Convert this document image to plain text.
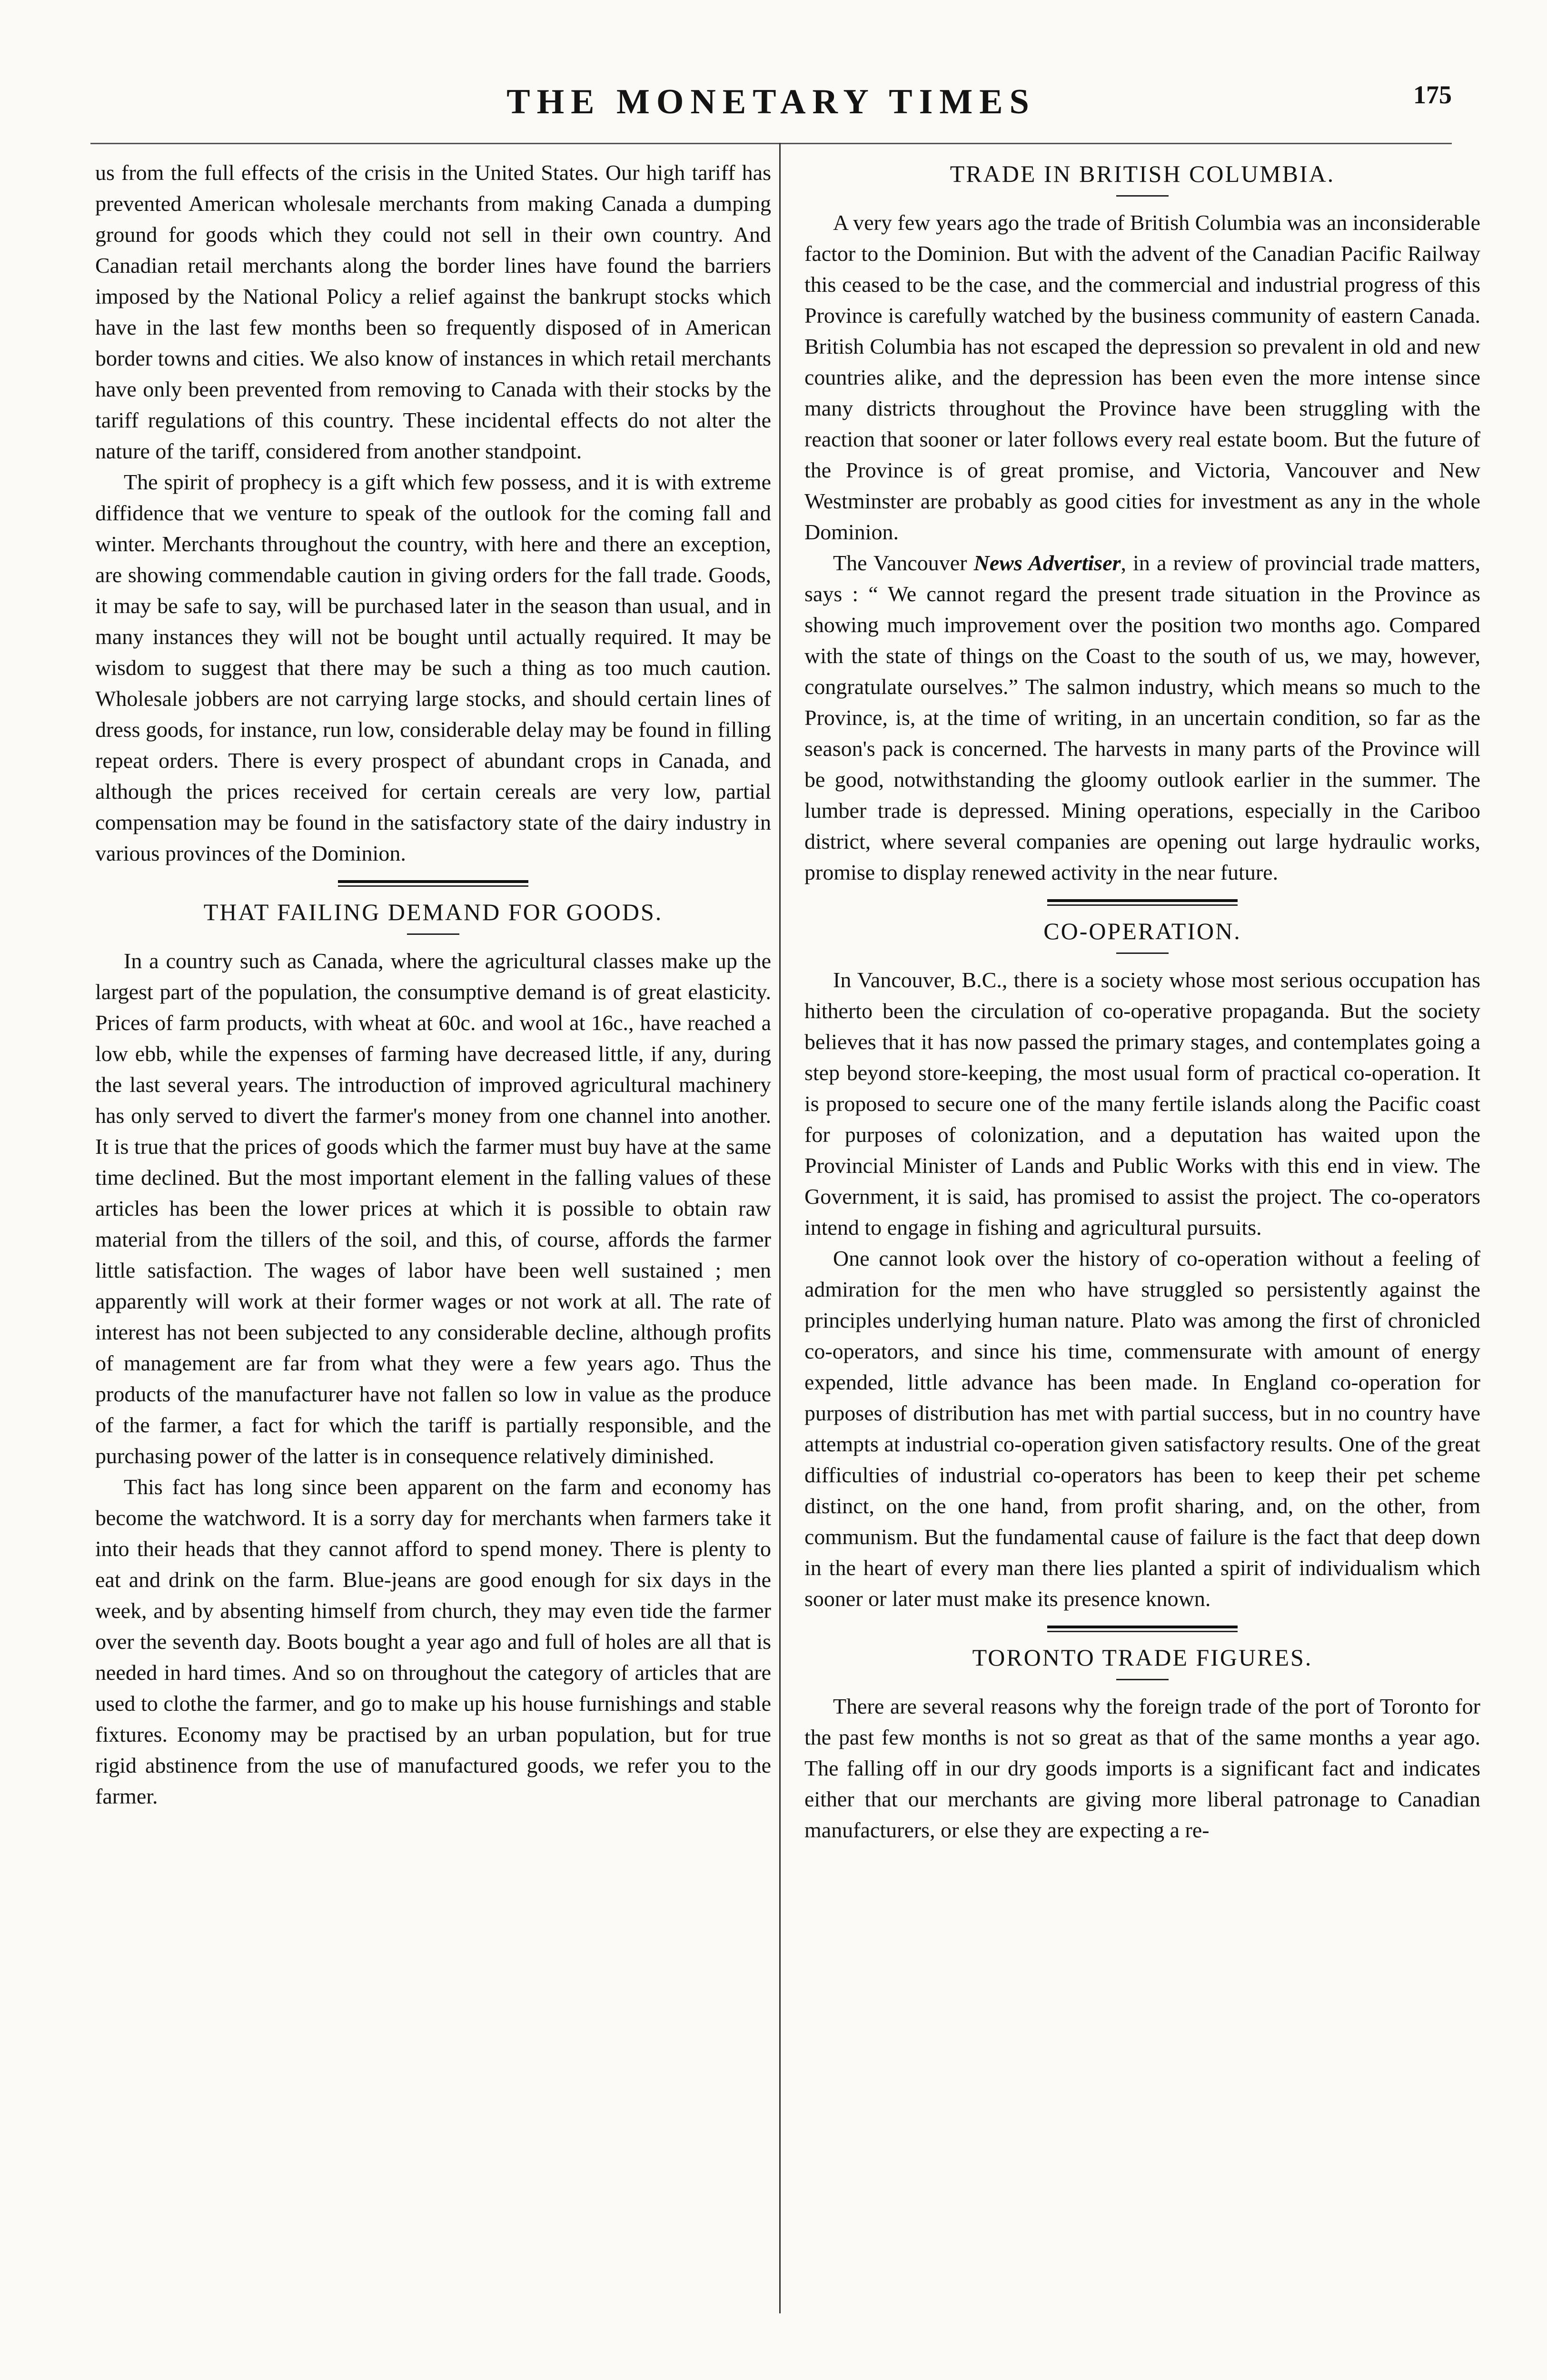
THE MONETARY TIMES	175

us from the full effects of the crisis in the United States. Our high tariff has prevented American wholesale merchants from making Canada a dumping ground for goods which they could not sell in their own country. And Canadian retail merchants along the border lines have found the barriers imposed by the National Policy a relief against the bankrupt stocks which have in the last few months been so frequently disposed of in American border towns and cities. We also know of instances in which retail merchants have only been prevented from removing to Canada with their stocks by the tariff regulations of this country. These incidental effects do not alter the nature of the tariff, considered from another standpoint.

The spirit of prophecy is a gift which few possess, and it is with extreme diffidence that we venture to speak of the outlook for the coming fall and winter. Merchants throughout the country, with here and there an exception, are showing commendable caution in giving orders for the fall trade. Goods, it may be safe to say, will be purchased later in the season than usual, and in many instances they will not be bought until actually required. It may be wisdom to suggest that there may be such a thing as too much caution. Wholesale jobbers are not carrying large stocks, and should certain lines of dress goods, for instance, run low, considerable delay may be found in filling repeat orders. There is every prospect of abundant crops in Canada, and although the prices received for certain cereals are very low, partial compensation may be found in the satisfactory state of the dairy industry in various provinces of the Dominion.

THAT FAILING DEMAND FOR GOODS.

In a country such as Canada, where the agricultural classes make up the largest part of the population, the consumptive demand is of great elasticity. Prices of farm products, with wheat at 60c. and wool at 16c., have reached a low ebb, while the expenses of farming have decreased little, if any, during the last several years. The introduction of improved agricultural machinery has only served to divert the farmer's money from one channel into another. It is true that the prices of goods which the farmer must buy have at the same time declined. But the most important element in the falling values of these articles has been the lower prices at which it is possible to obtain raw material from the tillers of the soil, and this, of course, affords the farmer little satisfaction. The wages of labor have been well sustained ; men apparently will work at their former wages or not work at all. The rate of interest has not been subjected to any considerable decline, although profits of management are far from what they were a few years ago. Thus the products of the manufacturer have not fallen so low in value as the produce of the farmer, a fact for which the tariff is partially responsible, and the purchasing power of the latter is in consequence relatively diminished.

This fact has long since been apparent on the farm and economy has become the watchword. It is a sorry day for merchants when farmers take it into their heads that they cannot afford to spend money. There is plenty to eat and drink on the farm. Blue-jeans are good enough for six days in the week, and by absenting himself from church, they may even tide the farmer over the seventh day. Boots bought a year ago and full of holes are all that is needed in hard times. And so on throughout the category of articles that are used to clothe the farmer, and go to make up his house furnishings and stable fixtures. Economy may be practised by an urban population, but for true rigid abstinence from the use of manufactured goods, we refer you to the farmer.

TRADE IN BRITISH COLUMBIA.

A very few years ago the trade of British Columbia was an inconsiderable factor to the Dominion. But with the advent of the Canadian Pacific Railway this ceased to be the case, and the commercial and industrial progress of this Province is carefully watched by the business community of eastern Canada. British Columbia has not escaped the depression so prevalent in old and new countries alike, and the depression has been even the more intense since many districts throughout the Province have been struggling with the reaction that sooner or later follows every real estate boom. But the future of the Province is of great promise, and Victoria, Vancouver and New Westminster are probably as good cities for investment as any in the whole Dominion.

The Vancouver News Advertiser, in a review of provincial trade matters, says : “ We cannot regard the present trade situation in the Province as showing much improvement over the position two months ago. Compared with the state of things on the Coast to the south of us, we may, however, congratulate ourselves.” The salmon industry, which means so much to the Province, is, at the time of writing, in an uncertain condition, so far as the season's pack is concerned. The harvests in many parts of the Province will be good, notwithstanding the gloomy outlook earlier in the summer. The lumber trade is depressed. Mining operations, especially in the Cariboo district, where several companies are opening out large hydraulic works, promise to display renewed activity in the near future.

CO-OPERATION.

In Vancouver, B.C., there is a society whose most serious occupation has hitherto been the circulation of co-operative propaganda. But the society believes that it has now passed the primary stages, and contemplates going a step beyond store-keeping, the most usual form of practical co-operation. It is proposed to secure one of the many fertile islands along the Pacific coast for purposes of colonization, and a deputation has waited upon the Provincial Minister of Lands and Public Works with this end in view. The Government, it is said, has promised to assist the project. The co-operators intend to engage in fishing and agricultural pursuits.

One cannot look over the history of co-operation without a feeling of admiration for the men who have struggled so persistently against the principles underlying human nature. Plato was among the first of chronicled co-operators, and since his time, commensurate with amount of energy expended, little advance has been made. In England co-operation for purposes of distribution has met with partial success, but in no country have attempts at industrial co-operation given satisfactory results. One of the great difficulties of industrial co-operators has been to keep their pet scheme distinct, on the one hand, from profit sharing, and, on the other, from communism. But the fundamental cause of failure is the fact that deep down in the heart of every man there lies planted a spirit of individualism which sooner or later must make its presence known.

TORONTO TRADE FIGURES.

There are several reasons why the foreign trade of the port of Toronto for the past few months is not so great as that of the same months a year ago. The falling off in our dry goods imports is a significant fact and indicates either that our merchants are giving more liberal patronage to Canadian manufacturers, or else they are expecting a re-
